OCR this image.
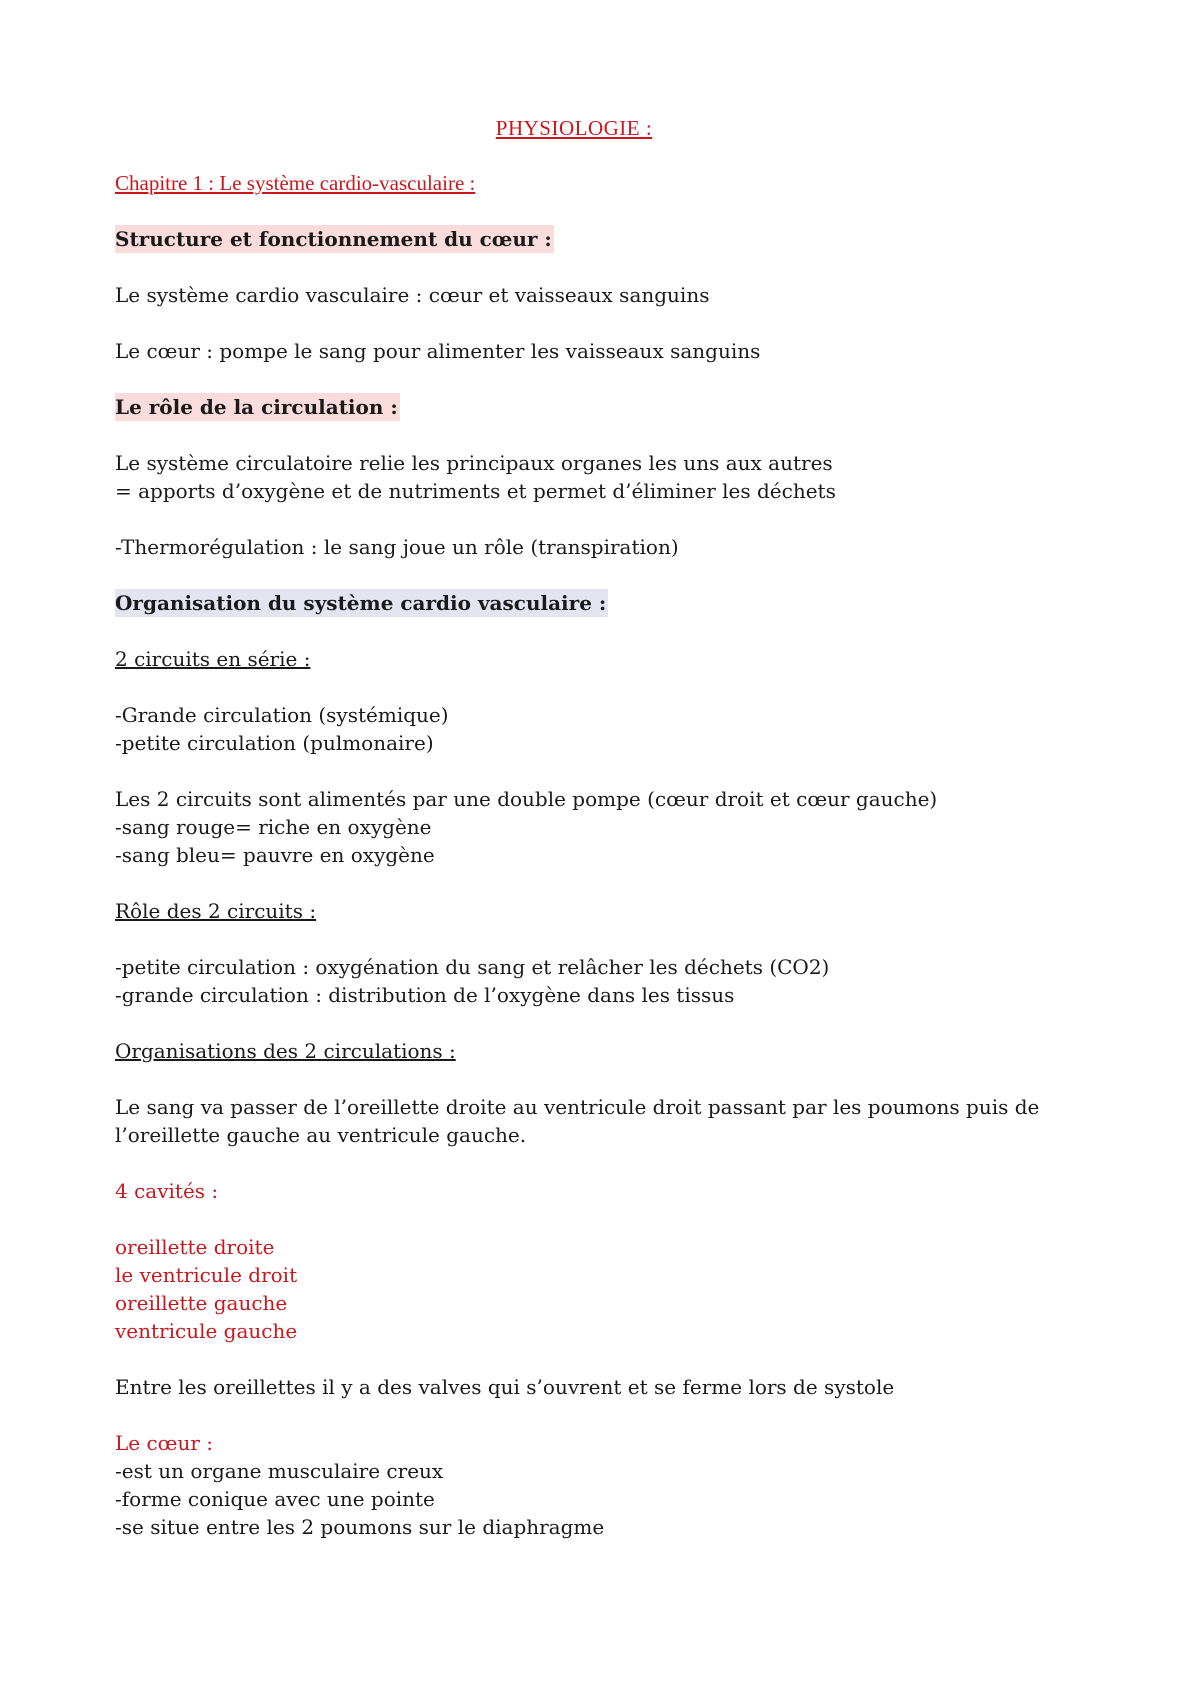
PHYSIOLOGIE :
Chapitre 1 : Le système cardio-vasculaire :
Structure et fonctionnement du cœur :
Le système cardio vasculaire : cœur et vaisseaux sanguins
Le cœur : pompe le sang pour alimenter les vaisseaux sanguins
Le rôle de la circulation :
Le système circulatoire relie les principaux organes les uns aux autres
= apports d’oxygène et de nutriments et permet d’éliminer les déchets
-Thermorégulation : le sang joue un rôle (transpiration)
Organisation du système cardio vasculaire :
2 circuits en série :
-Grande circulation (systémique)
-petite circulation (pulmonaire)
Les 2 circuits sont alimentés par une double pompe (cœur droit et cœur gauche)
-sang rouge= riche en oxygène
-sang bleu= pauvre en oxygène
Rôle des 2 circuits :
-petite circulation : oxygénation du sang et relâcher les déchets (CO2)
-grande circulation : distribution de l’oxygène dans les tissus
Organisations des 2 circulations :
Le sang va passer de l’oreillette droite au ventricule droit passant par les poumons puis de
l’oreillette gauche au ventricule gauche.
4 cavités :
oreillette droite
le ventricule droit
oreillette gauche
ventricule gauche
Entre les oreillettes il y a des valves qui s’ouvrent et se ferme lors de systole
Le cœur :
-est un organe musculaire creux
-forme conique avec une pointe
-se situe entre les 2 poumons sur le diaphragme
